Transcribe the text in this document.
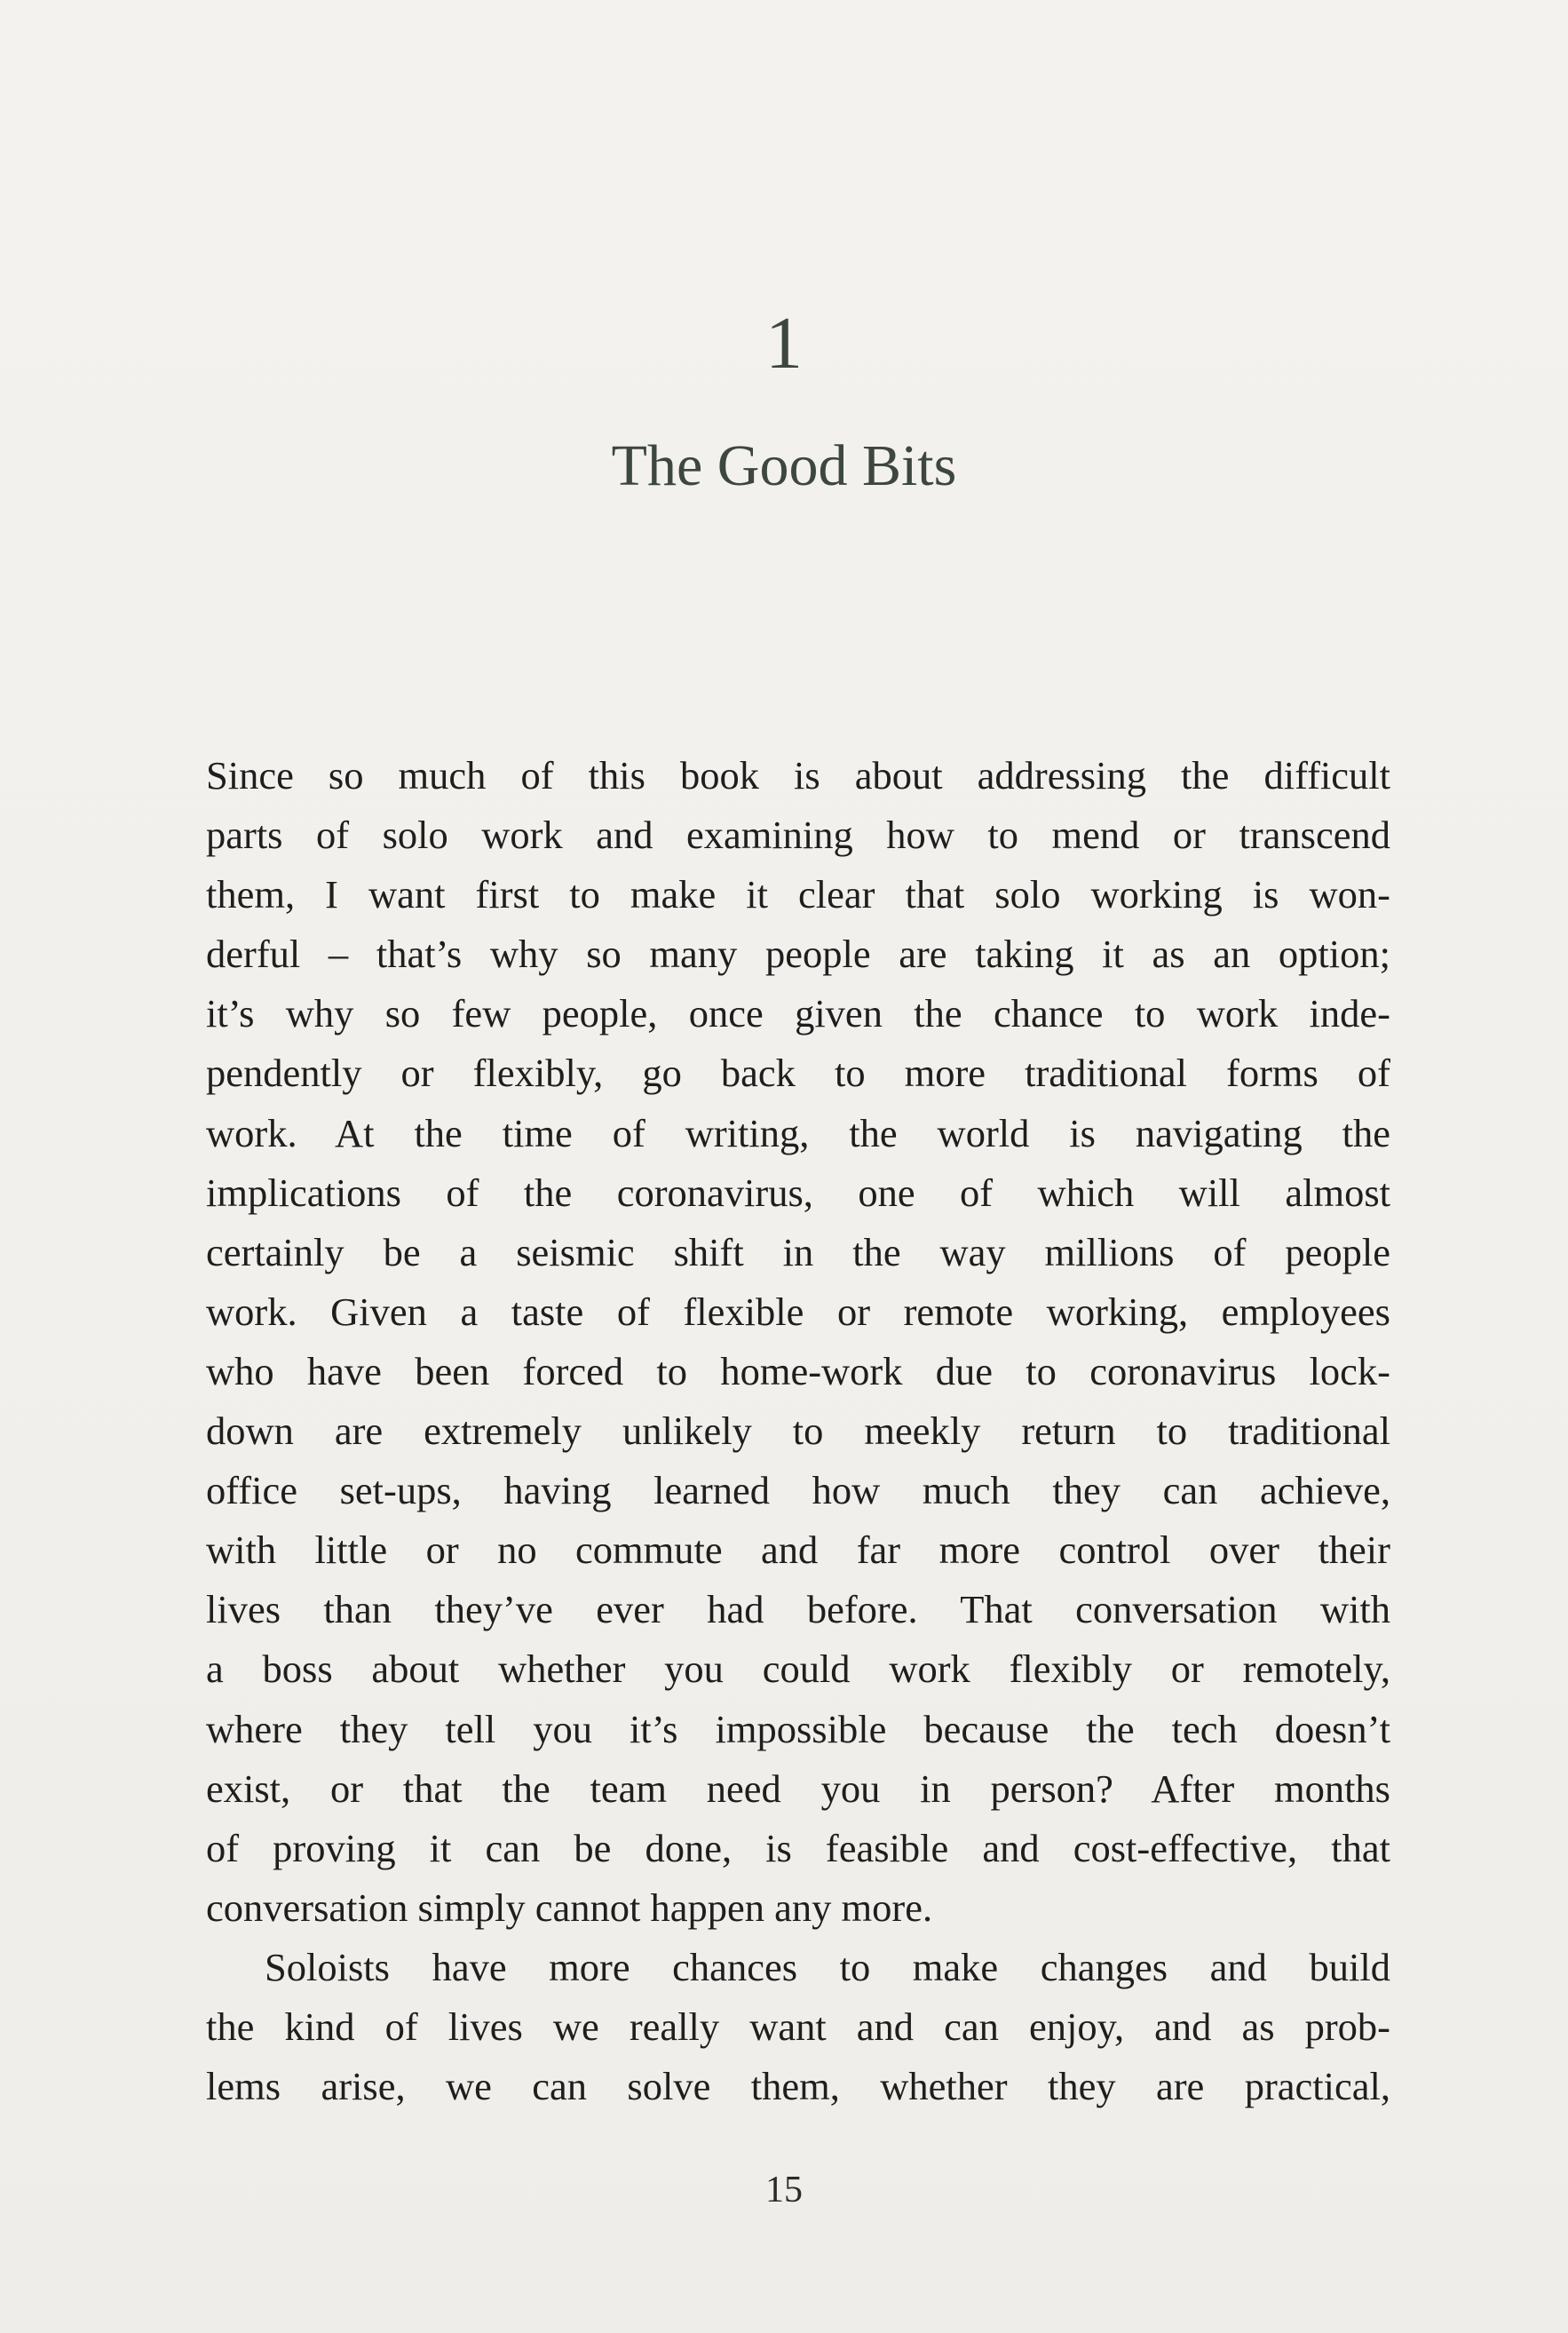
1
The Good Bits
Since so much of this book is about addressing the difficult
parts of solo work and examining how to mend or transcend
them, I want first to make it clear that solo working is won-
derful – that’s why so many people are taking it as an option;
it’s why so few people, once given the chance to work inde-
pendently or flexibly, go back to more traditional forms of
work. At the time of writing, the world is navigating the
implications of the coronavirus, one of which will almost
certainly be a seismic shift in the way millions of people
work. Given a taste of flexible or remote working, employees
who have been forced to home-work due to coronavirus lock-
down are extremely unlikely to meekly return to traditional
office set-ups, having learned how much they can achieve,
with little or no commute and far more control over their
lives than they’ve ever had before. That conversation with
a boss about whether you could work flexibly or remotely,
where they tell you it’s impossible because the tech doesn’t
exist, or that the team need you in person? After months
of proving it can be done, is feasible and cost-effective, that
conversation simply cannot happen any more.
Soloists have more chances to make changes and build
the kind of lives we really want and can enjoy, and as prob-
lems arise, we can solve them, whether they are practical,
15
